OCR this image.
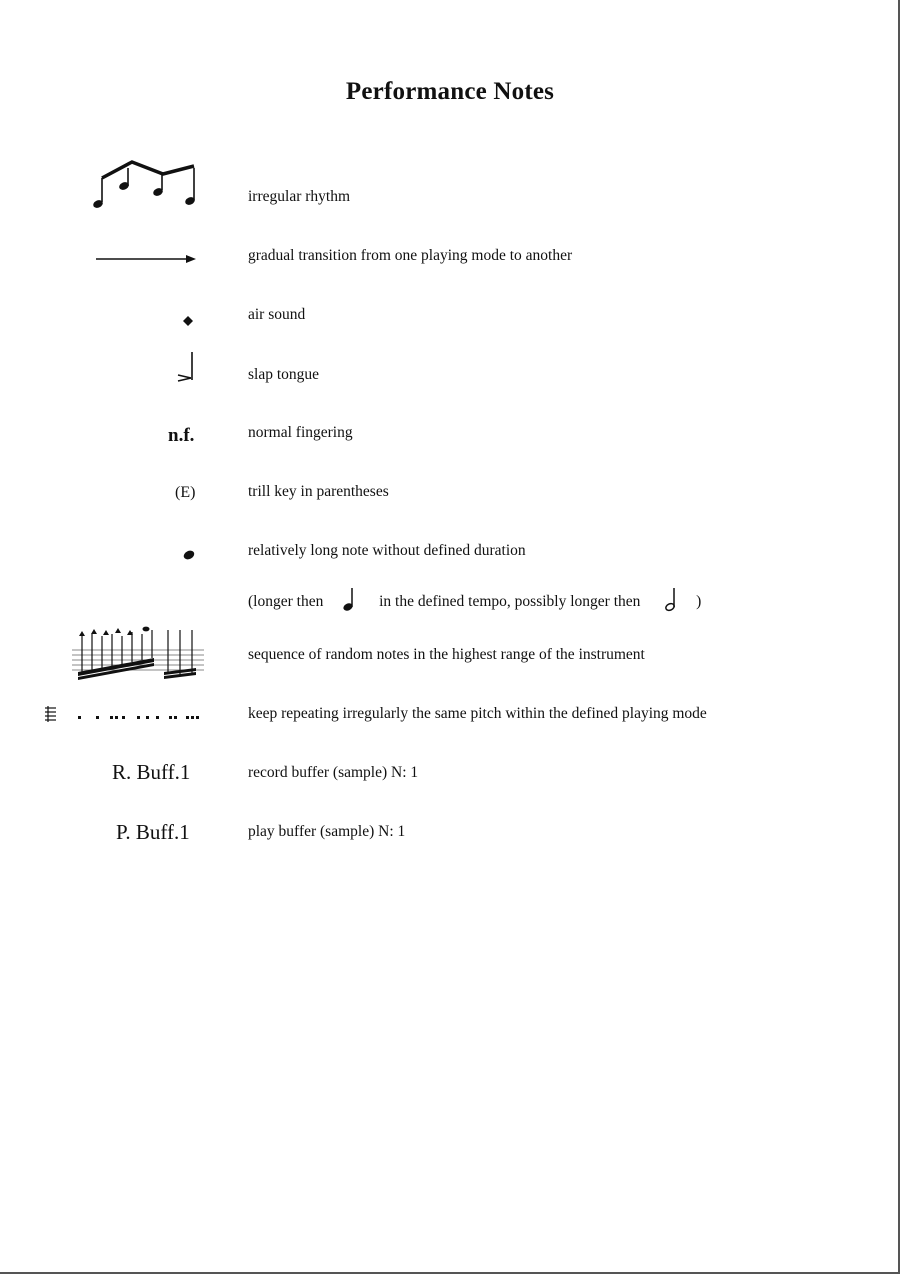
Performance Notes
irregular rhythm
gradual transition from one playing mode to another
air sound
slap tongue
n.f.	normal fingering
(E)	trill key in parentheses
relatively long note without defined duration
(longer then	in the defined tempo, possibly longer then	)
sequence of random notes in the highest range of the instrument
keep repeating irregularly the same pitch within the defined playing mode
R. Buff.1	record buffer (sample) N: 1
P. Buff.1	play buffer (sample) N: 1
